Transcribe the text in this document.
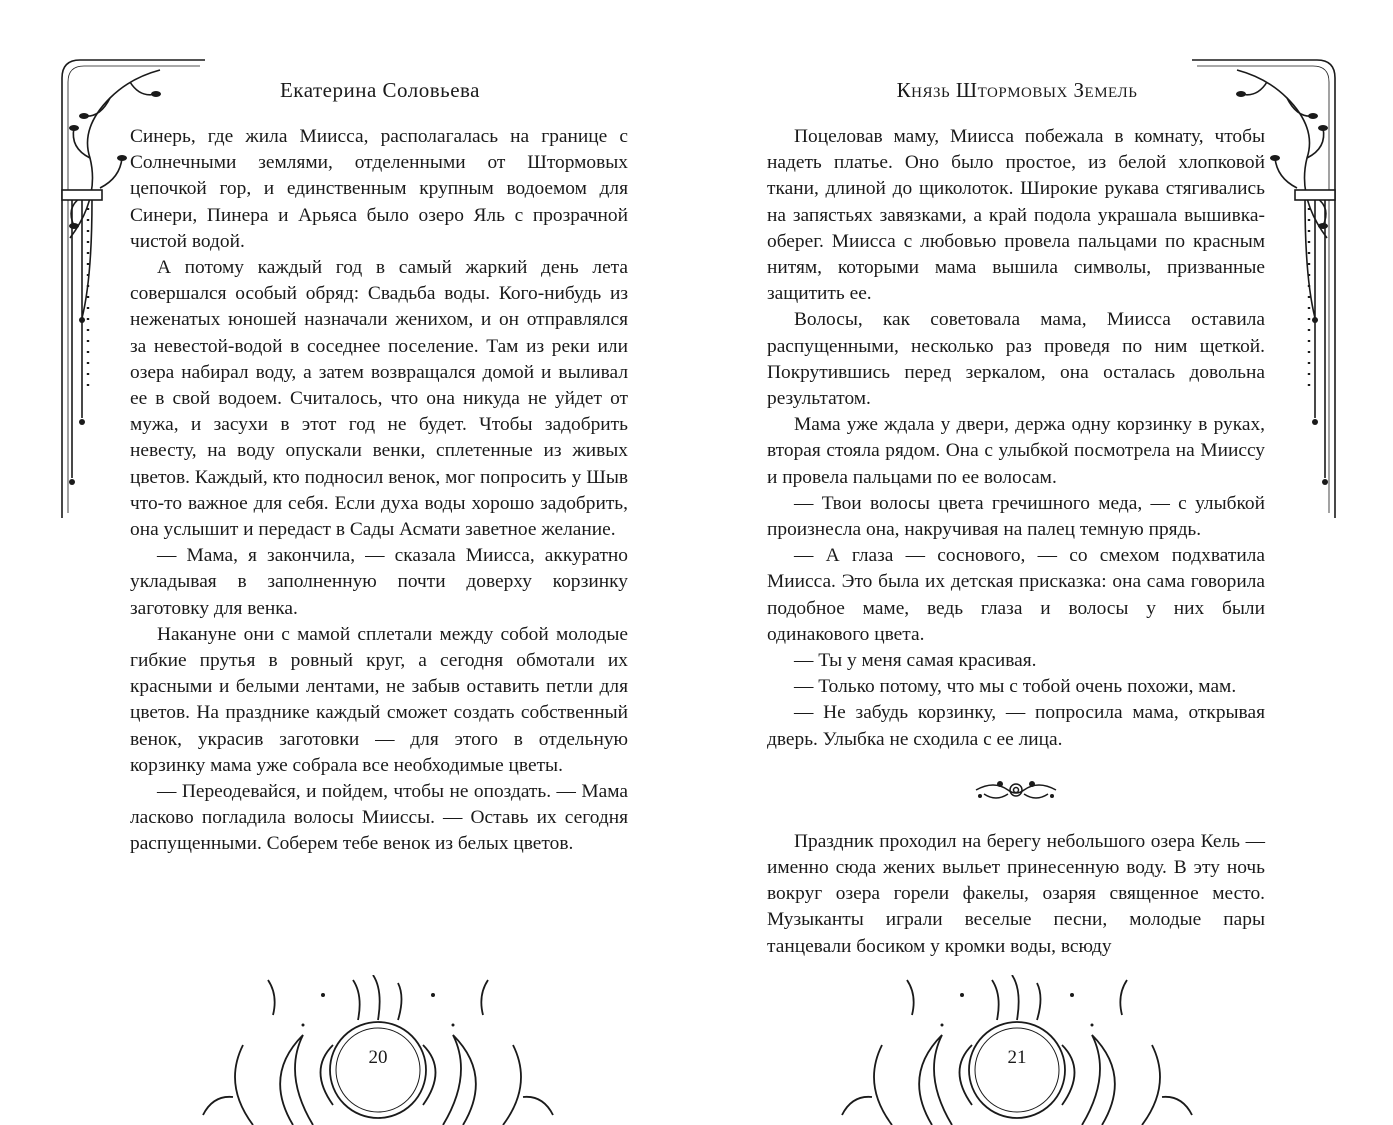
Екатерина Соловьева

Синерь, где жила Миисса, располагалась на границе с Солнечными землями, отделенными от Штормовых цепочкой гор, и единственным крупным водоемом для Синери, Пинера и Арьяса было озеро Яль с прозрачной чистой водой.

А потому каждый год в самый жаркий день лета совершался особый обряд: Свадьба воды. Кого-нибудь из неженатых юношей назначали женихом, и он отправлялся за невестой-водой в соседнее поселение. Там из реки или озера набирал воду, а затем возвращался домой и выливал ее в свой водоем. Считалось, что она никуда не уйдет от мужа, и засухи в этот год не будет. Чтобы задобрить невесту, на воду опускали венки, сплетенные из живых цветов. Каждый, кто подносил венок, мог попросить у Шыв что-то важное для себя. Если духа воды хорошо задобрить, она услышит и передаст в Сады Асмати заветное желание.

— Мама, я закончила, — сказала Миисса, аккуратно укладывая в заполненную почти доверху корзинку заготовку для венка.

Накануне они с мамой сплетали между собой молодые гибкие прутья в ровный круг, а сегодня обмотали их красными и белыми лентами, не забыв оставить петли для цветов. На празднике каждый сможет создать собственный венок, украсив заготовки — для этого в отдельную корзинку мама уже собрала все необходимые цветы.

— Переодевайся, и пойдем, чтобы не опоздать. — Мама ласково погладила волосы Мииссы. — Оставь их сегодня распущенными. Соберем тебе венок из белых цветов.

20
Князь Штормовых Земель

Поцеловав маму, Миисса побежала в комнату, чтобы надеть платье. Оно было простое, из белой хлопковой ткани, длиной до щиколоток. Широкие рукава стягивались на запястьях завязками, а край подола украшала вышивка-оберег. Миисса с любовью провела пальцами по красным нитям, которыми мама вышила символы, призванные защитить ее.

Волосы, как советовала мама, Миисса оставила распущенными, несколько раз проведя по ним щеткой. Покрутившись перед зеркалом, она осталась довольна результатом.

Мама уже ждала у двери, держа одну корзинку в руках, вторая стояла рядом. Она с улыбкой посмотрела на Мииссу и провела пальцами по ее волосам.

— Твои волосы цвета гречишного меда, — с улыбкой произнесла она, накручивая на палец темную прядь.

— А глаза — соснового, — со смехом подхватила Миисса. Это была их детская присказка: она сама говорила подобное маме, ведь глаза и волосы у них были одинакового цвета.

— Ты у меня самая красивая.

— Только потому, что мы с тобой очень похожи, мам.

— Не забудь корзинку, — попросила мама, открывая дверь. Улыбка не сходила с ее лица.

Праздник проходил на берегу небольшого озера Кель — именно сюда жених выльет принесенную воду. В эту ночь вокруг озера горели факелы, озаряя священное место. Музыканты играли веселые песни, молодые пары танцевали босиком у кромки воды, всюду

21
